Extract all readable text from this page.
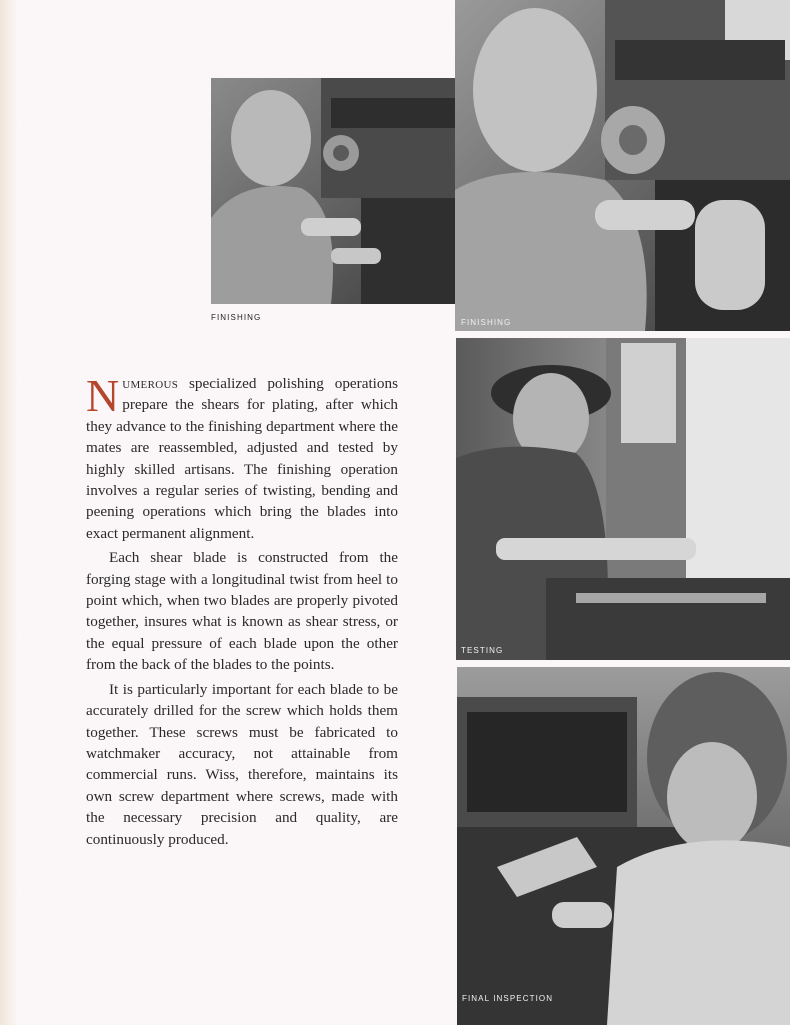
FINISHING
FINISHING
TESTING
FINAL INSPECTION

Numerous specialized polishing operations prepare the shears for plating, after which they advance to the finishing department where the mates are reassembled, adjusted and tested by highly skilled artisans. The finishing operation involves a regular series of twisting, bending and peening operations which bring the blades into exact permanent alignment.

Each shear blade is constructed from the forging stage with a longitudinal twist from heel to point which, when two blades are properly pivoted together, insures what is known as shear stress, or the equal pressure of each blade upon the other from the back of the blades to the points.

It is particularly important for each blade to be accurately drilled for the screw which holds them together. These screws must be fabricated to watchmaker accuracy, not attainable from commercial runs. Wiss, therefore, maintains its own screw department where screws, made with the necessary precision and quality, are continuously produced.
